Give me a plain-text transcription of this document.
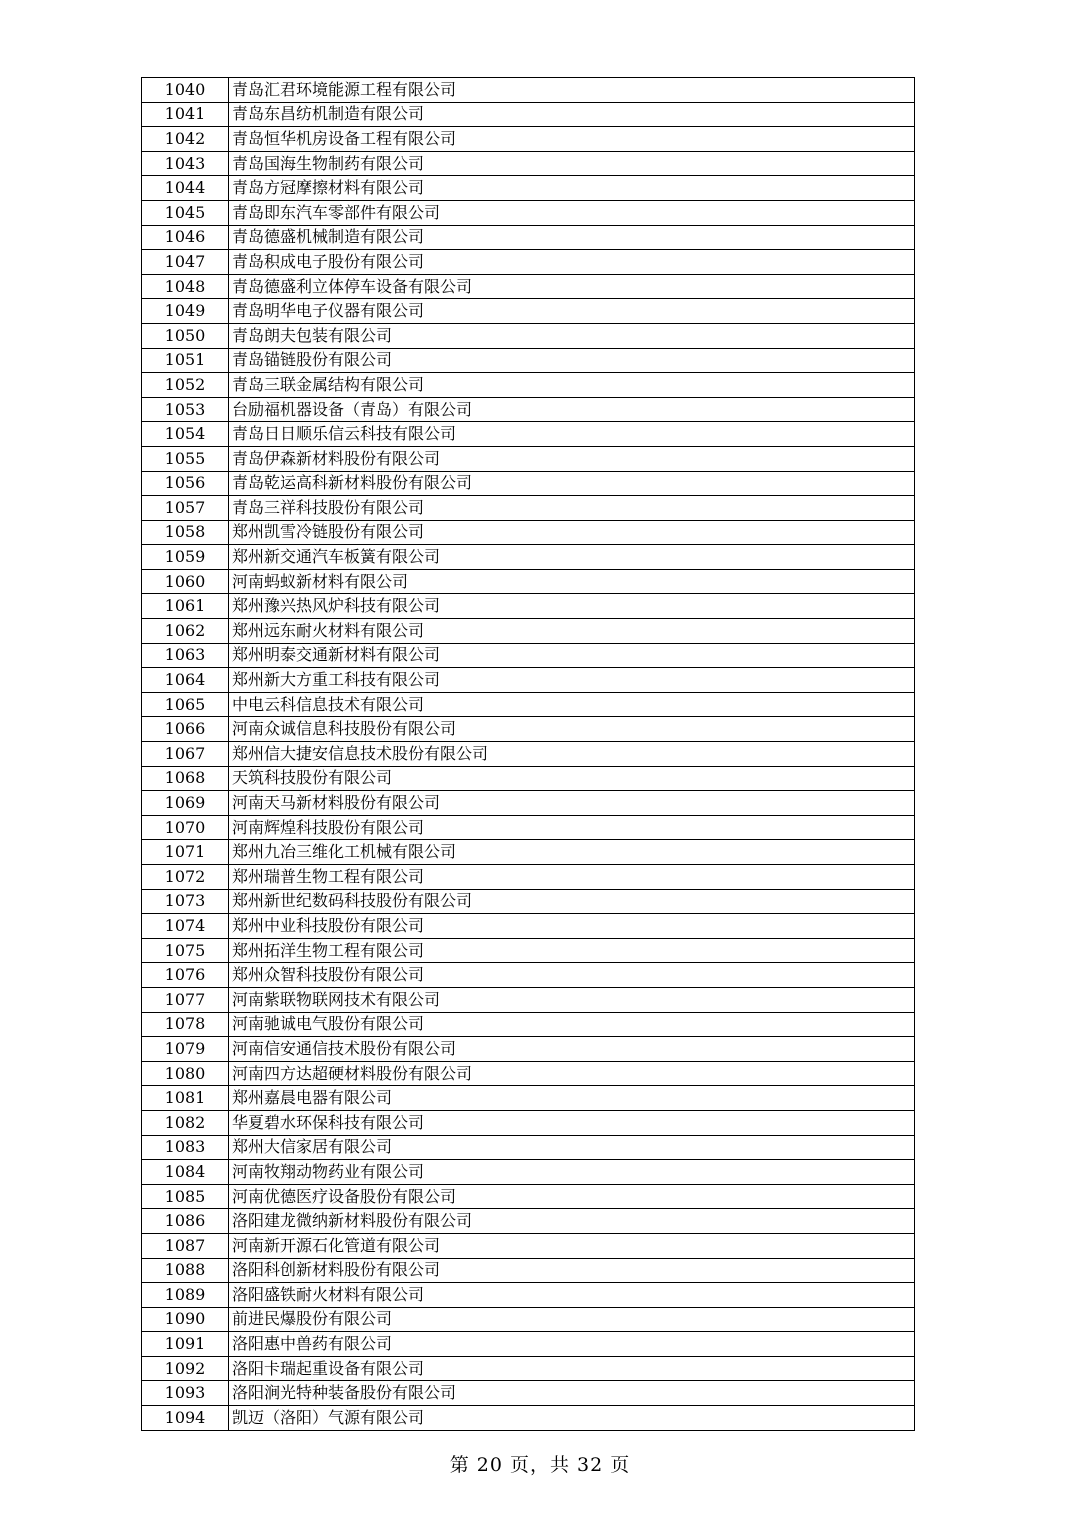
1040	青岛汇君环境能源工程有限公司
1041	青岛东昌纺机制造有限公司
1042	青岛恒华机房设备工程有限公司
1043	青岛国海生物制药有限公司
1044	青岛方冠摩擦材料有限公司
1045	青岛即东汽车零部件有限公司
1046	青岛德盛机械制造有限公司
1047	青岛积成电子股份有限公司
1048	青岛德盛利立体停车设备有限公司
1049	青岛明华电子仪器有限公司
1050	青岛朗夫包装有限公司
1051	青岛锚链股份有限公司
1052	青岛三联金属结构有限公司
1053	台励福机器设备（青岛）有限公司
1054	青岛日日顺乐信云科技有限公司
1055	青岛伊森新材料股份有限公司
1056	青岛乾运高科新材料股份有限公司
1057	青岛三祥科技股份有限公司
1058	郑州凯雪冷链股份有限公司
1059	郑州新交通汽车板簧有限公司
1060	河南蚂蚁新材料有限公司
1061	郑州豫兴热风炉科技有限公司
1062	郑州远东耐火材料有限公司
1063	郑州明泰交通新材料有限公司
1064	郑州新大方重工科技有限公司
1065	中电云科信息技术有限公司
1066	河南众诚信息科技股份有限公司
1067	郑州信大捷安信息技术股份有限公司
1068	天筑科技股份有限公司
1069	河南天马新材料股份有限公司
1070	河南辉煌科技股份有限公司
1071	郑州九冶三维化工机械有限公司
1072	郑州瑞普生物工程有限公司
1073	郑州新世纪数码科技股份有限公司
1074	郑州中业科技股份有限公司
1075	郑州拓洋生物工程有限公司
1076	郑州众智科技股份有限公司
1077	河南紫联物联网技术有限公司
1078	河南驰诚电气股份有限公司
1079	河南信安通信技术股份有限公司
1080	河南四方达超硬材料股份有限公司
1081	郑州嘉晨电器有限公司
1082	华夏碧水环保科技有限公司
1083	郑州大信家居有限公司
1084	河南牧翔动物药业有限公司
1085	河南优德医疗设备股份有限公司
1086	洛阳建龙微纳新材料股份有限公司
1087	河南新开源石化管道有限公司
1088	洛阳科创新材料股份有限公司
1089	洛阳盛铁耐火材料有限公司
1090	前进民爆股份有限公司
1091	洛阳惠中兽药有限公司
1092	洛阳卡瑞起重设备有限公司
1093	洛阳涧光特种装备股份有限公司
1094	凯迈（洛阳）气源有限公司
第 20 页，共 32 页
